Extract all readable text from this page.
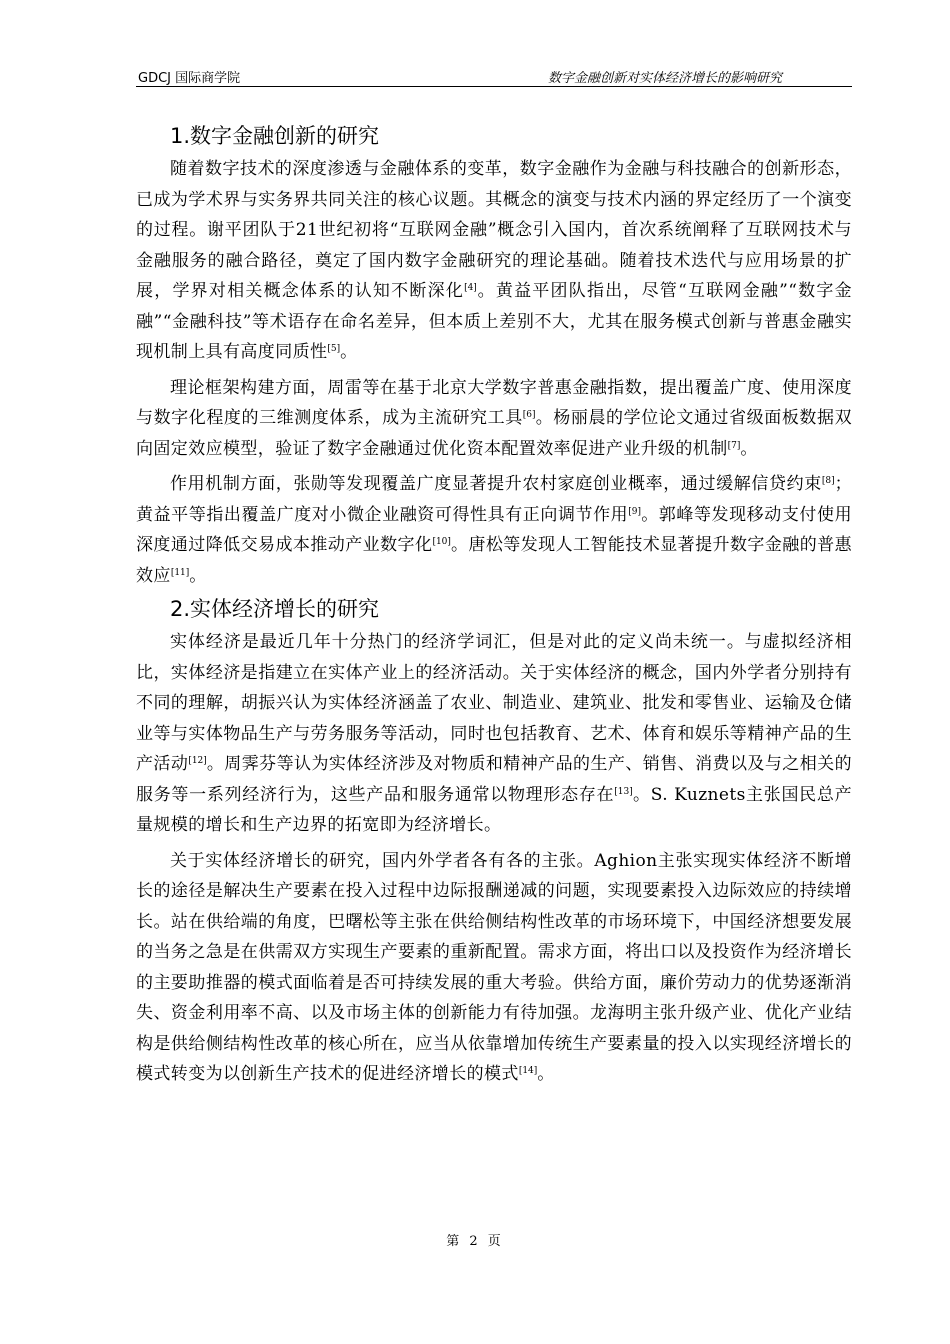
GDCJ 国际商学院	数字金融创新对实体经济增长的影响研究
1.数字金融创新的研究
随着数字技术的深度渗透与金融体系的变革，数字金融作为金融与科技融合的创新形态，已成为学术界与实务界共同关注的核心议题。其概念的演变与技术内涵的界定经历了一个演变的过程。谢平团队于21世纪初将“互联网金融”概念引入国内，首次系统阐释了互联网技术与金融服务的融合路径，奠定了国内数字金融研究的理论基础。随着技术迭代与应用场景的扩展，学界对相关概念体系的认知不断深化[4]。黄益平团队指出，尽管“互联网金融”“数字金融”“金融科技”等术语存在命名差异，但本质上差别不大，尤其在服务模式创新与普惠金融实现机制上具有高度同质性[5]。
理论框架构建方面，周雷等在基于北京大学数字普惠金融指数，提出覆盖广度、使用深度与数字化程度的三维测度体系，成为主流研究工具[6]。杨丽晨的学位论文通过省级面板数据双向固定效应模型，验证了数字金融通过优化资本配置效率促进产业升级的机制[7]。
作用机制方面，张勋等发现覆盖广度显著提升农村家庭创业概率，通过缓解信贷约束[8]；黄益平等指出覆盖广度对小微企业融资可得性具有正向调节作用[9]。郭峰等发现移动支付使用深度通过降低交易成本推动产业数字化[10]。唐松等发现人工智能技术显著提升数字金融的普惠效应[11]。
2.实体经济增长的研究
实体经济是最近几年十分热门的经济学词汇，但是对此的定义尚未统一。与虚拟经济相比，实体经济是指建立在实体产业上的经济活动。关于实体经济的概念，国内外学者分别持有不同的理解，胡振兴认为实体经济涵盖了农业、制造业、建筑业、批发和零售业、运输及仓储业等与实体物品生产与劳务服务等活动，同时也包括教育、艺术、体育和娱乐等精神产品的生产活动[12]。周霁芬等认为实体经济涉及对物质和精神产品的生产、销售、消费以及与之相关的服务等一系列经济行为，这些产品和服务通常以物理形态存在[13]。S. Kuznets主张国民总产量规模的增长和生产边界的拓宽即为经济增长。
关于实体经济增长的研究，国内外学者各有各的主张。Aghion主张实现实体经济不断增长的途径是解决生产要素在投入过程中边际报酬递减的问题，实现要素投入边际效应的持续增长。站在供给端的角度，巴曙松等主张在供给侧结构性改革的市场环境下，中国经济想要发展的当务之急是在供需双方实现生产要素的重新配置。需求方面，将出口以及投资作为经济增长的主要助推器的模式面临着是否可持续发展的重大考验。供给方面，廉价劳动力的优势逐渐消失、资金利用率不高、以及市场主体的创新能力有待加强。龙海明主张升级产业、优化产业结构是供给侧结构性改革的核心所在，应当从依靠增加传统生产要素量的投入以实现经济增长的模式转变为以创新生产技术的促进经济增长的模式[14]。
第 2 页
